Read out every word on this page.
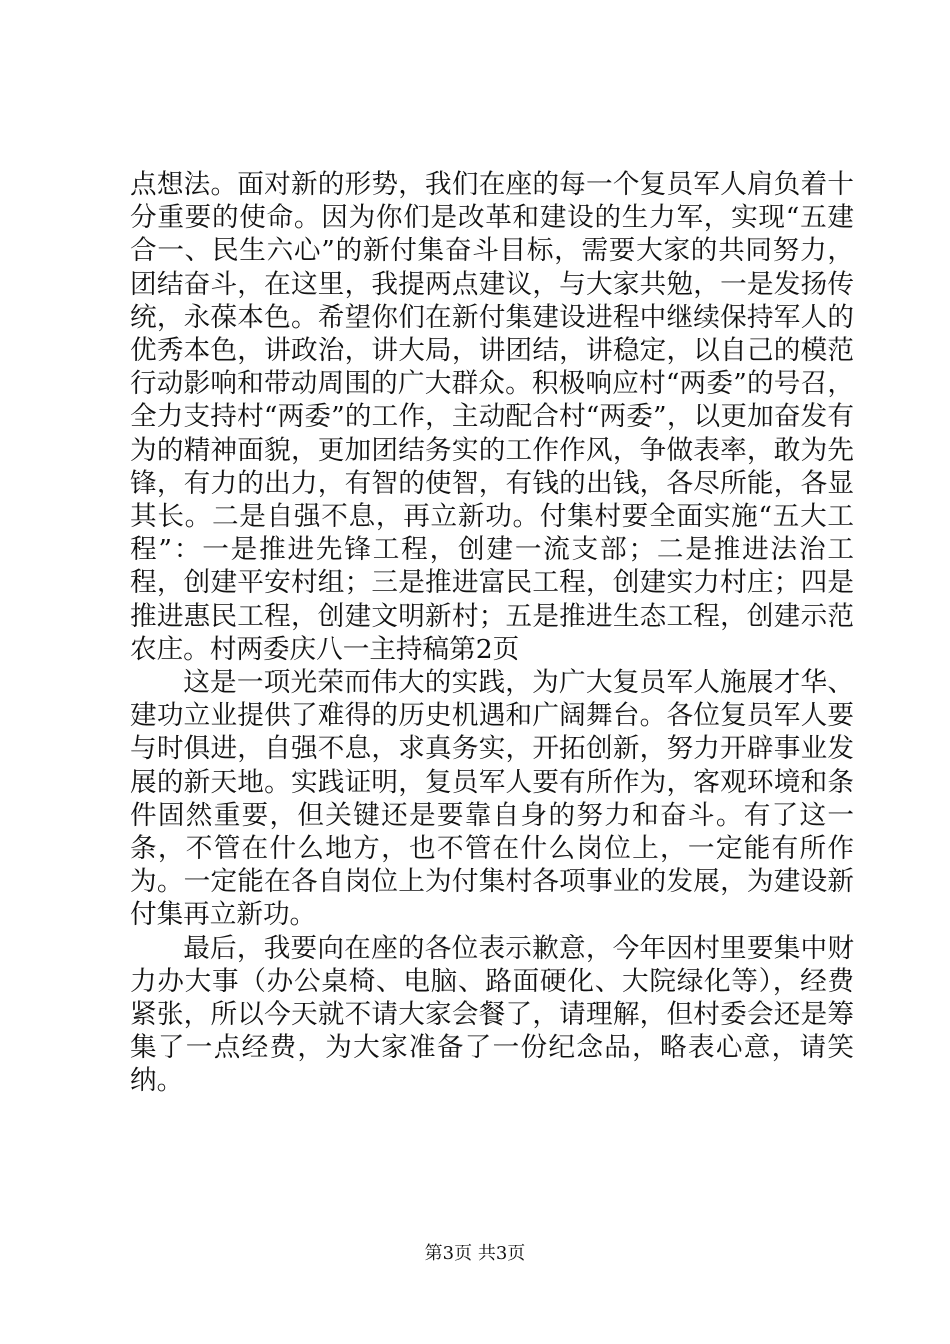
点想法。面对新的形势，我们在座的每一个复员军人肩负着十分重要的使命。因为你们是改革和建设的生力军，实现“五建合一、民生六心”的新付集奋斗目标，需要大家的共同努力，团结奋斗，在这里，我提两点建议，与大家共勉，一是发扬传统，永葆本色。希望你们在新付集建设进程中继续保持军人的优秀本色，讲政治，讲大局，讲团结，讲稳定，以自己的模范行动影响和带动周围的广大群众。积极响应村“两委”的号召，全力支持村“两委”的工作，主动配合村“两委”，以更加奋发有为的精神面貌，更加团结务实的工作作风，争做表率，敢为先锋，有力的出力，有智的使智，有钱的出钱，各尽所能，各显其长。二是自强不息，再立新功。付集村要全面实施“五大工程”：一是推进先锋工程，创建一流支部；二是推进法治工程，创建平安村组；三是推进富民工程，创建实力村庄；四是推进惠民工程，创建文明新村；五是推进生态工程，创建示范农庄。村两委庆八一主持稿第2页

这是一项光荣而伟大的实践，为广大复员军人施展才华、建功立业提供了难得的历史机遇和广阔舞台。各位复员军人要与时俱进，自强不息，求真务实，开拓创新，努力开辟事业发展的新天地。实践证明，复员军人要有所作为，客观环境和条件固然重要，但关键还是要靠自身的努力和奋斗。有了这一条，不管在什么地方，也不管在什么岗位上，一定能有所作为。一定能在各自岗位上为付集村各项事业的发展，为建设新付集再立新功。

最后，我要向在座的各位表示歉意，今年因村里要集中财力办大事（办公桌椅、电脑、路面硬化、大院绿化等），经费紧张，所以今天就不请大家会餐了，请理解，但村委会还是筹集了一点经费，为大家准备了一份纪念品，略表心意，请笑纳。

第3页 共3页
